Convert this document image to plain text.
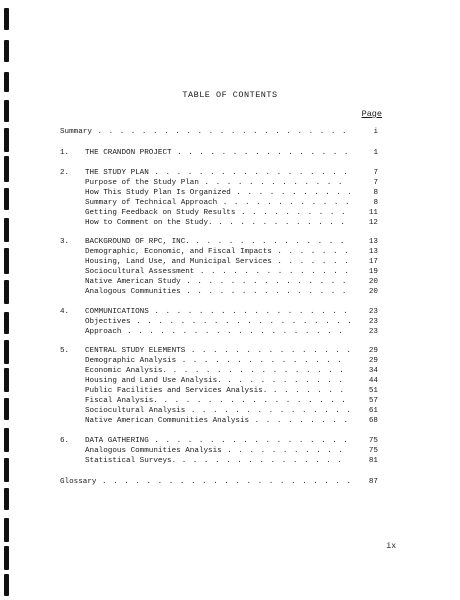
TABLE OF CONTENTS
Page
Summary . . .	i
1. THE CRANDON PROJECT . . .	1
2. THE STUDY PLAN . . .	7
Purpose of the Study Plan . . .	7
How This Study Plan Is Organized . . .	8
Summary of Technical Approach . . .	8
Getting Feedback on Study Results . . .	11
How to Comment on the Study. . . .	12
3. BACKGROUND OF RPC, INC. . . .	13
Demographic, Economic, and Fiscal Impacts . . .	13
Housing, Land Use, and Municipal Services . . .	17
Sociocultural Assessment . . .	19
Native American Study . . .	20
Analogous Communities . . .	20
4. COMMUNICATIONS . . .	23
Objectives . . .	23
Approach . . .	23
5. CENTRAL STUDY ELEMENTS . . .	29
Demographic Analysis . . .	29
Economic Analysis. . . .	34
Housing and Land Use Analysis. . . .	44
Public Facilities and Services Analysis. . . .	51
Fiscal Analysis. . . .	57
Sociocultural Analysis . . .	61
Native American Communities Analysis . . .	68
6. DATA GATHERING . . .	75
Analogous Communities Analysis . . .	75
Statistical Surveys. . . .	81
Glossary . . .	87
ix
